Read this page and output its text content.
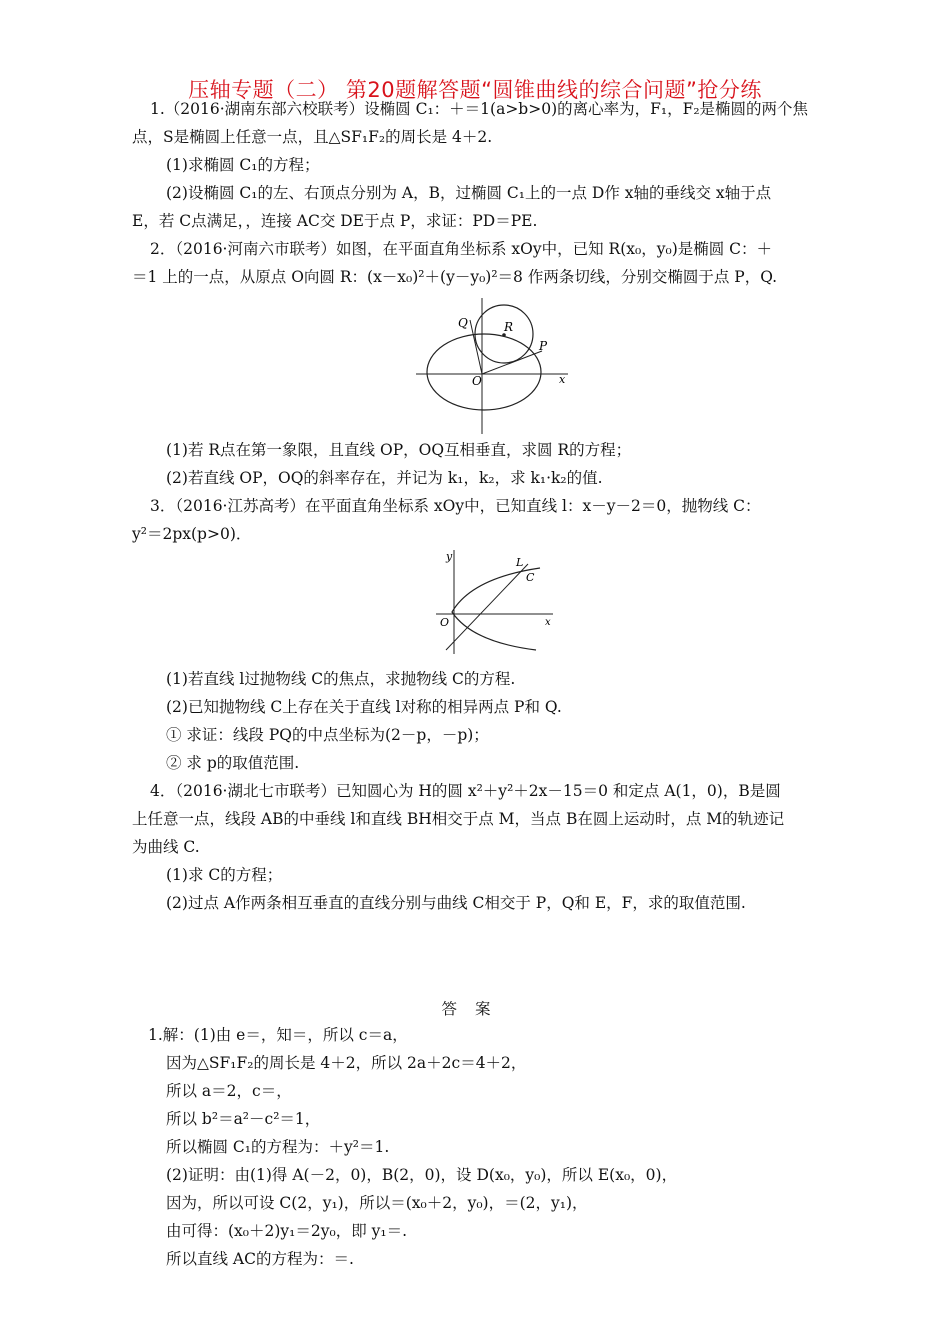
压轴专题（二） 第20题解答题“圆锥曲线的综合问题”抢分练
1.（2016·湖南东部六校联考）设椭圆 C₁：＋＝1(a>b>0)的离心率为，F₁，F₂是椭圆的两个焦
点，S是椭圆上任意一点，且△SF₁F₂的周长是 4＋2.
(1)求椭圆 C₁的方程；
(2)设椭圆 C₁的左、右顶点分别为 A，B，过椭圆 C₁上的一点 D作 x轴的垂线交 x轴于点
E，若 C点满足，，连接 AC交 DE于点 P，求证：PD＝PE.
2．（2016·河南六市联考）如图，在平面直角坐标系 xOy中，已知 R(x₀，y₀)是椭圆 C：＋
＝1 上的一点，从原点 O向圆 R：(x－x₀)²＋(y－y₀)²＝8 作两条切线，分别交椭圆于点 P，Q.
Q	R
P
O	x
(1)若 R点在第一象限，且直线 OP，OQ互相垂直，求圆 R的方程；
(2)若直线 OP，OQ的斜率存在，并记为 k₁，k₂，求 k₁·k₂的值.
3．（2016·江苏高考）在平面直角坐标系 xOy中，已知直线 l：x－y－2＝0，抛物线 C：
y²＝2px(p>0)．
y	L
C
O	x
(1)若直线 l过抛物线 C的焦点，求抛物线 C的方程.
(2)已知抛物线 C上存在关于直线 l对称的相异两点 P和 Q.
① 求证：线段 PQ的中点坐标为(2－p，－p)；
② 求 p的取值范围.
4．（2016·湖北七市联考）已知圆心为 H的圆 x²＋y²＋2x－15＝0 和定点 A(1，0)，B是圆
上任意一点，线段 AB的中垂线 l和直线 BH相交于点 M，当点 B在圆上运动时，点 M的轨迹记
为曲线 C.
(1)求 C的方程；
(2)过点 A作两条相互垂直的直线分别与曲线 C相交于 P，Q和 E，F，求的取值范围.
答案
1.解：(1)由 e＝，知＝，所以 c＝a，
因为△SF₁F₂的周长是 4＋2，所以 2a＋2c＝4＋2，
所以 a＝2，c＝，
所以 b²＝a²－c²＝1，
所以椭圆 C₁的方程为：＋y²＝1.
(2)证明：由(1)得 A(－2，0)，B(2，0)，设 D(x₀，y₀)，所以 E(x₀，0)，
因为，所以可设 C(2，y₁)，所以＝(x₀＋2，y₀)，＝(2，y₁)，
由可得：(x₀＋2)y₁＝2y₀，即 y₁＝.
所以直线 AC的方程为：＝.
